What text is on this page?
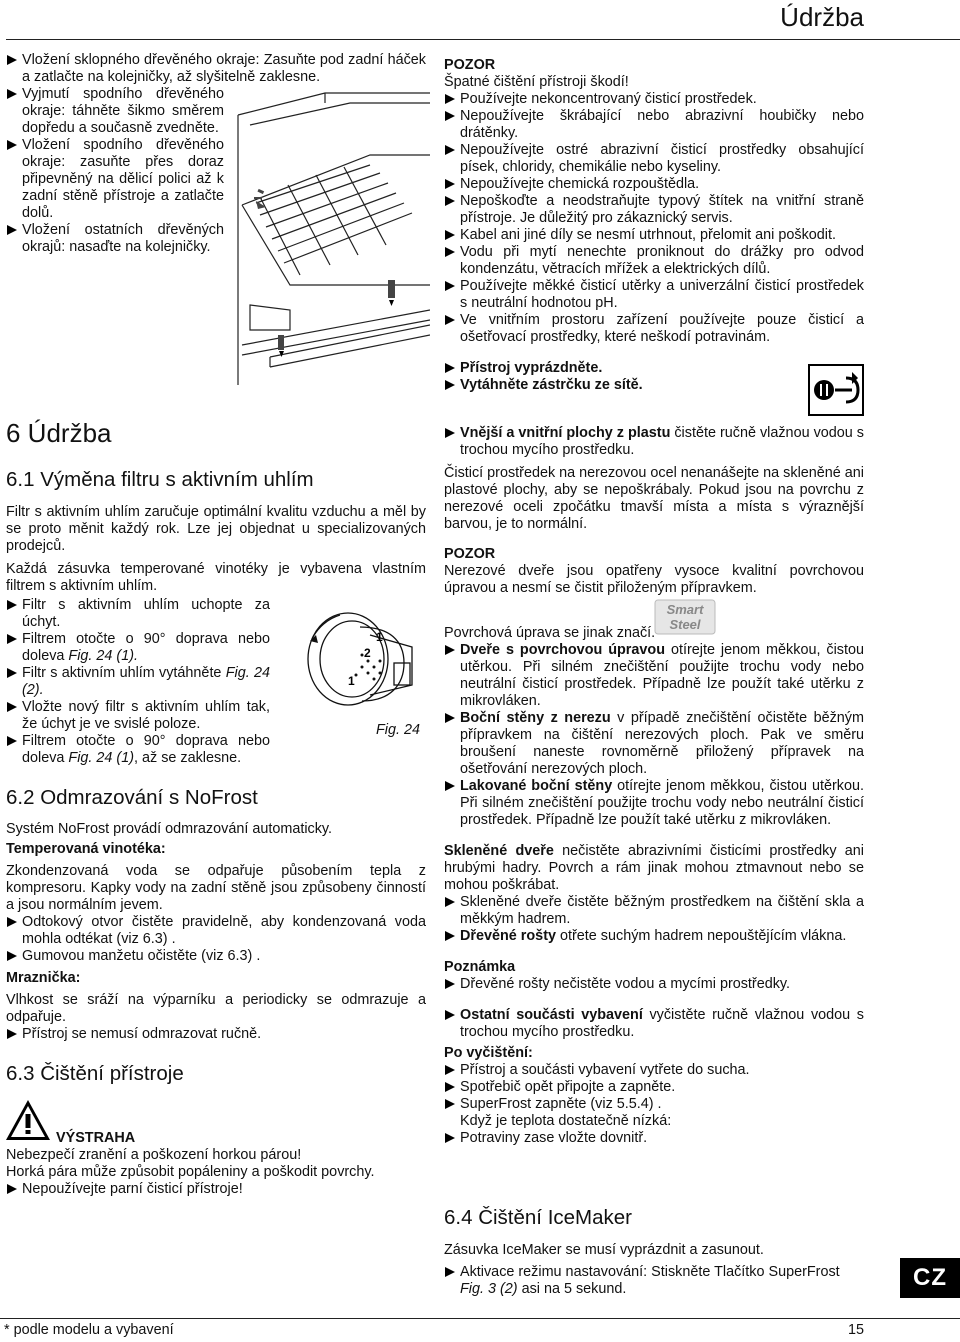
Údržba

Vložení sklopného dřevěného okraje: Zasuňte pod zadní háček a zatlačte na kolejničky, až slyšitelně zaklesne.

Vyjmutí spodního dřevěného okraje: táhněte šikmo směrem dopředu a současně zvedněte.

Vložení spodního dřevěného okraje: zasuňte přes doraz připevněný na dělicí polici až k zadní stěně přístroje a zatlačte dolů.

Vložení ostatních dřevěných okrajů: nasaďte na kolejničky.

POZOR

Špatné čištění přístroji škodí!

Používejte nekoncentrovaný čisticí prostředek.

Nepoužívejte škrábající nebo abrazivní houbičky nebo drátěnky.

Nepoužívejte ostré abrazivní čisticí prostředky obsahující písek, chloridy, chemikálie nebo kyseliny.

Nepoužívejte chemická rozpouštědla.

Nepoškoďte a neodstraňujte typový štítek na vnitřní straně přístroje. Je důležitý pro zákaznický servis.

Kabel ani jiné díly se nesmí utrhnout, přelomit ani poškodit.

Vodu při mytí nenechte proniknout do drážky pro odvod kondenzátu, větracích mřížek a elektrických dílů.

Používejte měkké čisticí utěrky a univerzální čisticí prostředek s neutrální hodnotou pH.

Ve vnitřním prostoru zařízení používejte pouze čisticí a ošetřovací prostředky, které neškodí potravinám.

Přístroj vyprázdněte.

Vytáhněte zástrčku ze sítě.

6 Údržba
6.1 Výměna filtru s aktivním uhlím

Filtr s aktivním uhlím zaručuje optimální kvalitu vzduchu a měl by se proto měnit každý rok. Lze jej objednat u specializovaných prodejců.

Každá zásuvka temperované vinotéky je vybavena vlastním filtrem s aktivním uhlím.

Filtr s aktivním uhlím uchopte za úchyt.

Filtrem otočte o 90° doprava nebo doleva Fig. 24 (1).

Filtr s aktivním uhlím vytáhněte Fig. 24 (2).

Vložte nový filtr s aktivním uhlím tak, že úchyt je ve svislé poloze.

Filtrem otočte o 90° doprava nebo doleva Fig. 24 (1), až se zaklesne.

1
2
1
Fig. 24
6.2 Odmrazování s NoFrost

Systém NoFrost provádí odmrazování automaticky.

Temperovaná vinotéka:

Zkondenzovaná voda se odpařuje působením tepla z kompresoru. Kapky vody na zadní stěně jsou způsobeny činností a jsou normálním jevem.

Odtokový otvor čistěte pravidelně, aby kondenzovaná voda mohla odtékat (viz 6.3) .

Gumovou manžetu očistěte (viz 6.3) .

Mraznička:

Vlhkost se sráží na výparníku a periodicky se odmrazuje a odpařuje.

Přístroj se nemusí odmrazovat ručně.

6.3 Čištění přístroje
VÝSTRAHA

Nebezpečí zranění a poškození horkou párou!

Horká pára může způsobit popáleniny a poškodit povrchy.

Nepoužívejte parní čisticí přístroje!

Vnější a vnitřní plochy z plastu čistěte ručně vlažnou vodou s trochou mycího prostředku.

Čisticí prostředek na nerezovou ocel nenanášejte na skleněné ani plastové plochy, aby se nepoškrábaly. Pokud jsou na povrchu z nerezové oceli zpočátku tmavší místa a místa s výraznější barvou, je to normální.

POZOR

Nerezové dveře jsou opatřeny vysoce kvalitní povrchovou úpravou a nesmí se čistit přiloženým přípravkem.

Smart
Steel

Povrchová úprava se jinak značí.

Dveře s povrchovou úpravou otírejte jenom měkkou, čistou utěrkou. Při silném znečištění použijte trochu vody nebo neutrální čisticí prostředek. Případně lze použít také utěrku z mikrovláken.

Boční stěny z nerezu v případě znečištění očistěte běžným přípravkem na čištění nerezových ploch. Pak ve směru broušení naneste rovnoměrně přiložený přípravek na ošetřování nerezových ploch.

Lakované boční stěny otírejte jenom měkkou, čistou utěrkou. Při silném znečištění použijte trochu vody nebo neutrální čisticí prostředek. Případně lze použít také utěrku z mikrovláken.

Skleněné dveře nečistěte abrazivními čisticími prostředky ani hrubými hadry. Povrch a rám jinak mohou ztmavnout nebo se mohou poškrábat.

Skleněné dveře čistěte běžným prostředkem na čištění skla a měkkým hadrem.

Dřevěné rošty otřete suchým hadrem nepouštějícím vlákna.

Poznámka

Dřevěné rošty nečistěte vodou a mycími prostředky.

Ostatní součásti vybavení vyčistěte ručně vlažnou vodou s trochou mycího prostředku.

Po vyčištění:

Přístroj a součásti vybavení vytřete do sucha.

Spotřebič opět připojte a zapněte.

SuperFrost zapněte (viz 5.5.4) .

Když je teplota dostatečně nízká:

Potraviny zase vložte dovnitř.

6.4 Čištění IceMaker

Zásuvka IceMaker se musí vyprázdnit a zasunout.

Aktivace režimu nastavování: Stiskněte Tlačítko SuperFrost Fig. 3 (2) asi na 5 sekund.	CZ
* podle modelu a vybavení	15
